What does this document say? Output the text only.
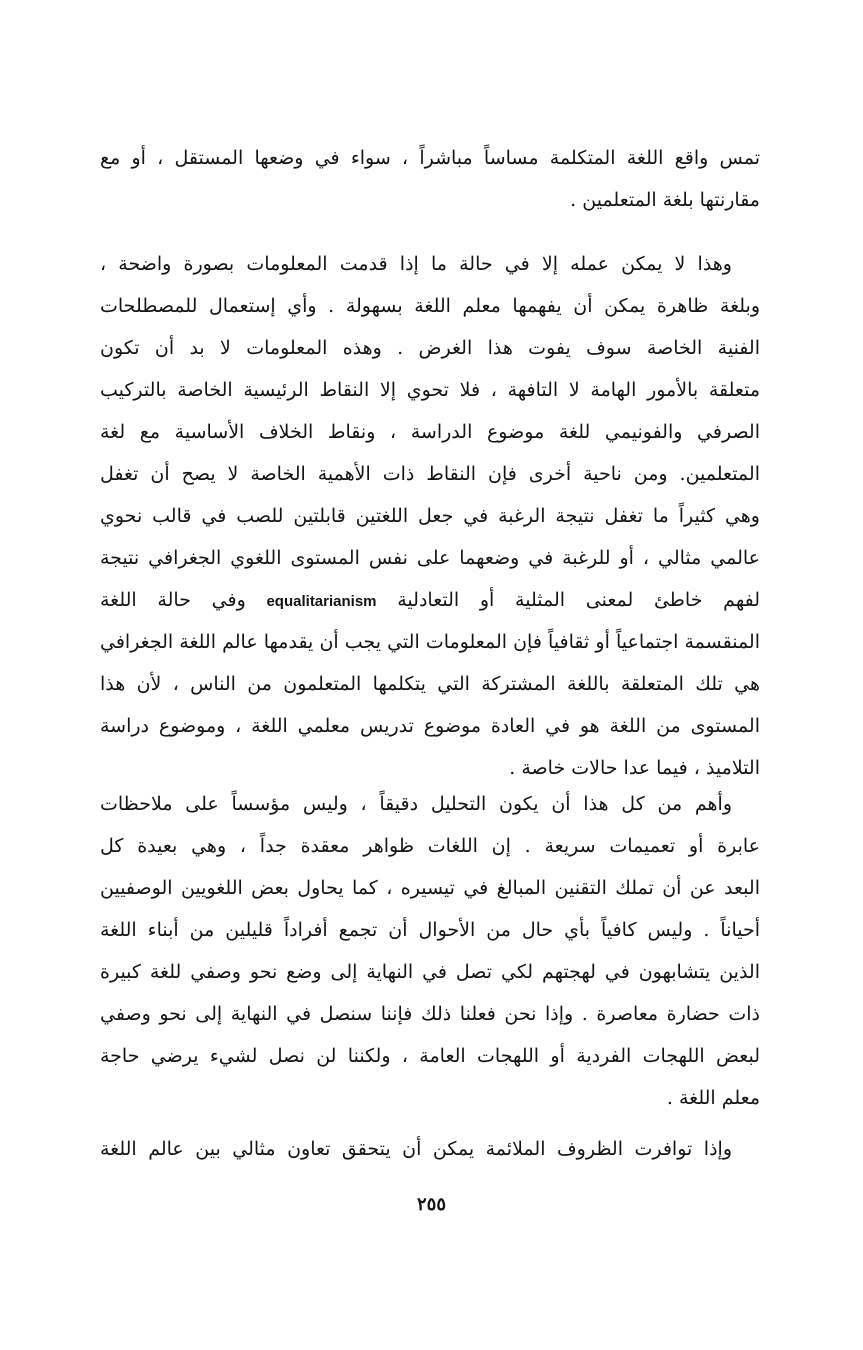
تمس واقع اللغة المتكلمة مساساً مباشراً ، سواء في وضعها المستقل ، أو مع
مقارنتها بلغة المتعلمين .
وهذا لا يمكن عمله إلا في حالة ما إذا قدمت المعلومات بصورة واضحة ،
وبلغة ظاهرة يمكن أن يفهمها معلم اللغة بسهولة . وأي إستعمال للمصطلحات
الفنية الخاصة سوف يفوت هذا الغرض . وهذه المعلومات لا بد أن تكون
متعلقة بالأمور الهامة لا التافهة ، فلا تحوي إلا النقاط الرئيسية الخاصة بالتركيب
الصرفي والفونيمي للغة موضوع الدراسة ، ونقاط الخلاف الأساسية مع لغة
المتعلمين. ومن ناحية أخرى فإن النقاط ذات الأهمية الخاصة لا يصح أن تغفل
وهي كثيراً ما تغفل نتيجة الرغبة في جعل اللغتين قابلتين للصب في قالب نحوي
عالمي مثالي ، أو للرغبة في وضعهما على نفس المستوى اللغوي الجغرافي نتيجة
لفهم خاطئ لمعنى المثلية أو التعادلية equalitarianism وفي حالة اللغة
المنقسمة اجتماعياً أو ثقافياً فإن المعلومات التي يجب أن يقدمها عالم اللغة الجغرافي
هي تلك المتعلقة باللغة المشتركة التي يتكلمها المتعلمون من الناس ، لأن هذا
المستوى من اللغة هو في العادة موضوع تدريس معلمي اللغة ، وموضوع دراسة
التلاميذ ، فيما عدا حالات خاصة .
وأهم من كل هذا أن يكون التحليل دقيقاً ، وليس مؤسساً على ملاحظات
عابرة أو تعميمات سريعة . إن اللغات ظواهر معقدة جداً ، وهي بعيدة كل
البعد عن أن تملك التقنين المبالغ في تيسيره ، كما يحاول بعض اللغويين الوصفيين
أحياناً . وليس كافياً بأي حال من الأحوال أن تجمع أفراداً قليلين من أبناء اللغة
الذين يتشابهون في لهجتهم لكي تصل في النهاية إلى وضع نحو وصفي للغة كبيرة
ذات حضارة معاصرة . وإذا نحن فعلنا ذلك فإننا سنصل في النهاية إلى نحو وصفي
لبعض اللهجات الفردية أو اللهجات العامة ، ولكننا لن نصل لشيء يرضي حاجة
معلم اللغة .
وإذا توافرت الظروف الملائمة يمكن أن يتحقق تعاون مثالي بين عالم اللغة
٢٥٥
